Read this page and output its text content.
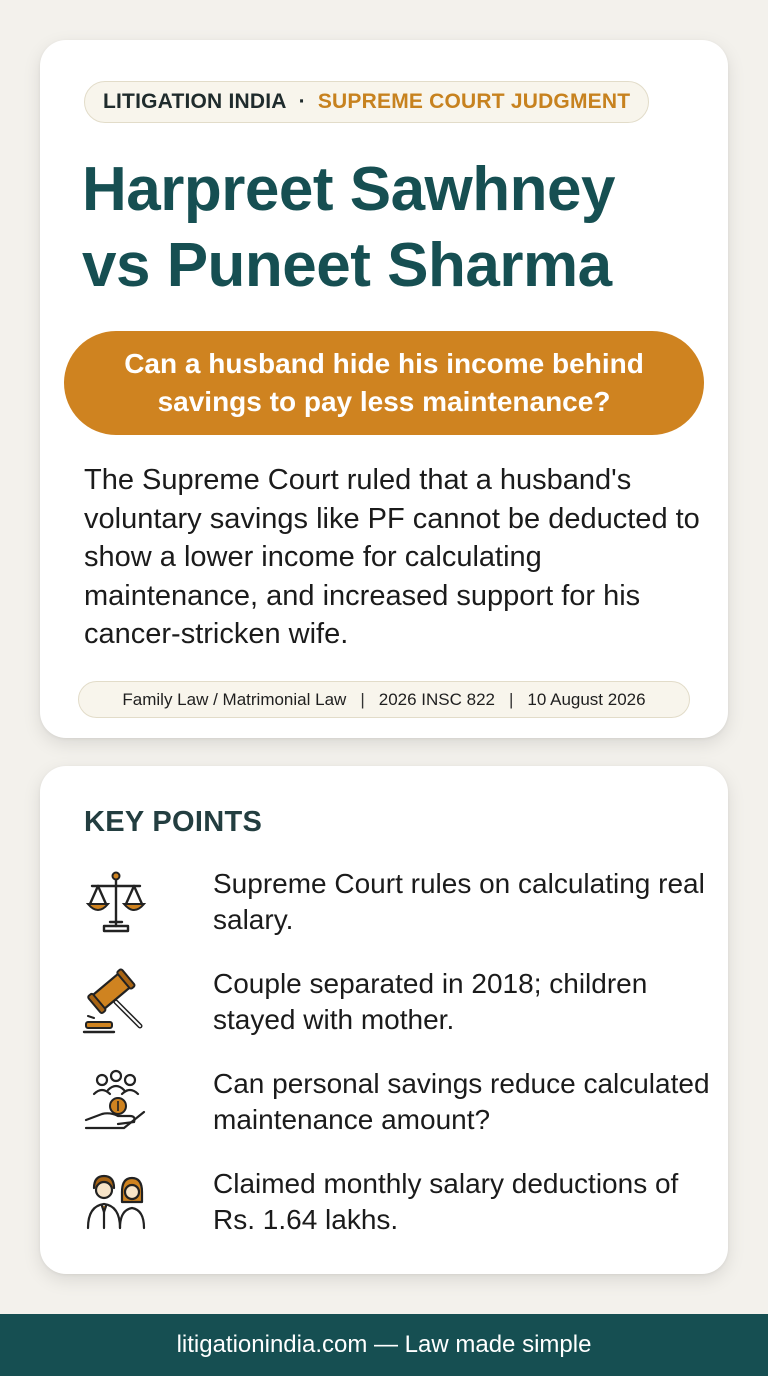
LITIGATION INDIA · SUPREME COURT JUDGMENT
Harpreet Sawhney
vs Puneet Sharma
Can a husband hide his income behind savings to pay less maintenance?

The Supreme Court ruled that a husband's voluntary savings like PF cannot be deducted to show a lower income for calculating maintenance, and increased support for his cancer-stricken wife.

Family Law / Matrimonial Law | 2026 INSC 822 | 10 August 2026
KEY POINTS
Supreme Court rules on calculating real salary.
Couple separated in 2018; children stayed with mother.
Can personal savings reduce calculated maintenance amount?
Claimed monthly salary deductions of Rs. 1.64 lakhs.
litigationindia.com — Law made simple
